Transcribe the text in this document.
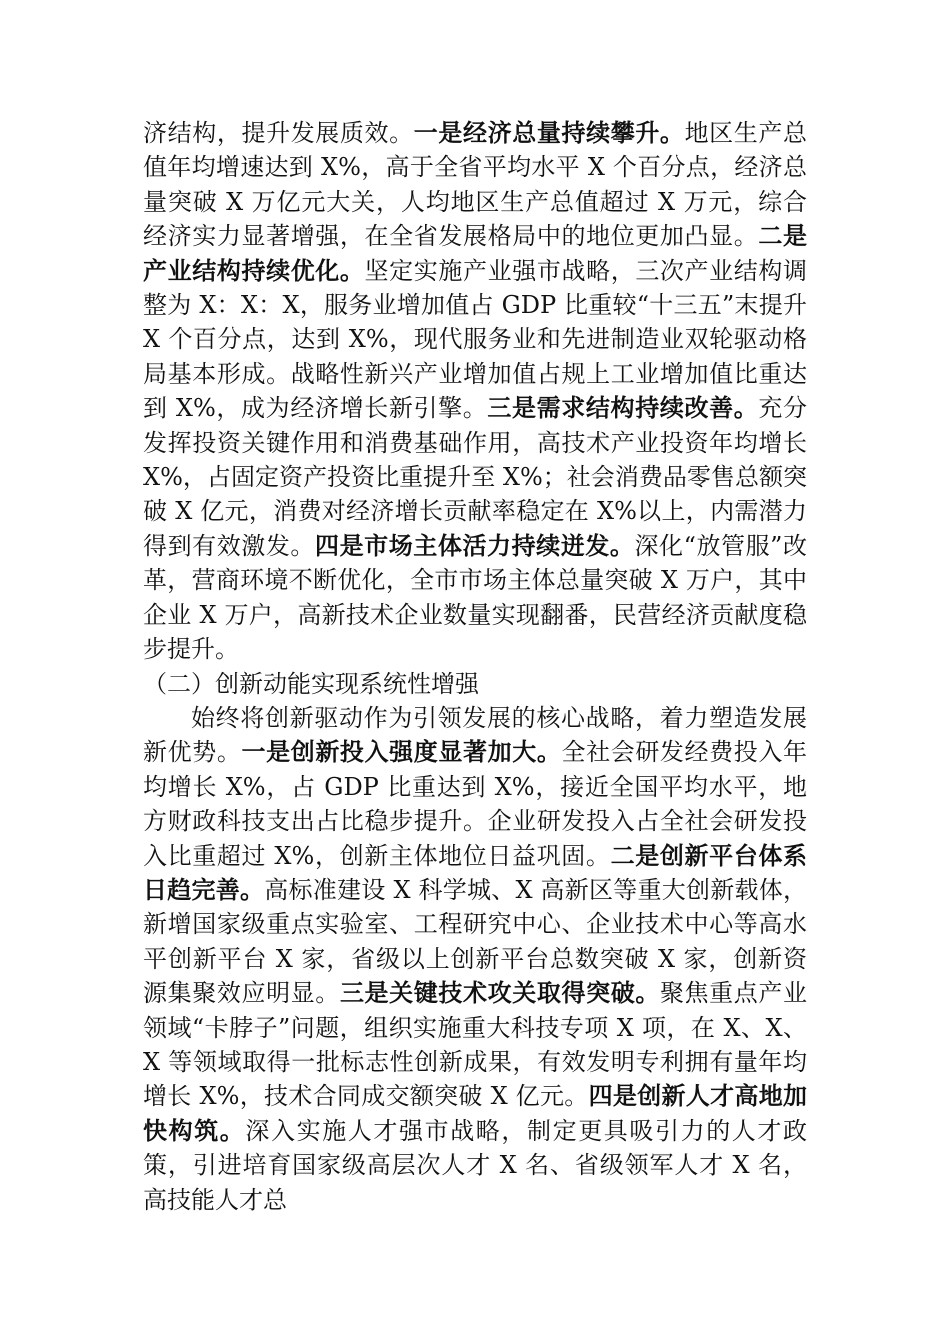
济结构，提升发展质效。一是经济总量持续攀升。地区生产总值年均增速达到 X%，高于全省平均水平 X 个百分点，经济总量突破 X 万亿元大关，人均地区生产总值超过 X 万元，综合经济实力显著增强，在全省发展格局中的地位更加凸显。二是产业结构持续优化。坚定实施产业强市战略，三次产业结构调整为 X：X：X，服务业增加值占 GDP 比重较“十三五”末提升 X 个百分点，达到 X%，现代服务业和先进制造业双轮驱动格局基本形成。战略性新兴产业增加值占规上工业增加值比重达到 X%，成为经济增长新引擎。三是需求结构持续改善。充分发挥投资关键作用和消费基础作用，高技术产业投资年均增长 X%，占固定资产投资比重提升至 X%；社会消费品零售总额突破 X 亿元，消费对经济增长贡献率稳定在 X%以上，内需潜力得到有效激发。四是市场主体活力持续迸发。深化“放管服”改革，营商环境不断优化，全市市场主体总量突破 X 万户，其中企业 X 万户，高新技术企业数量实现翻番，民营经济贡献度稳步提升。

（二）创新动能实现系统性增强

始终将创新驱动作为引领发展的核心战略，着力塑造发展新优势。一是创新投入强度显著加大。全社会研发经费投入年均增长 X%，占 GDP 比重达到 X%，接近全国平均水平，地方财政科技支出占比稳步提升。企业研发投入占全社会研发投入比重超过 X%，创新主体地位日益巩固。二是创新平台体系日趋完善。高标准建设 X 科学城、X 高新区等重大创新载体，新增国家级重点实验室、工程研究中心、企业技术中心等高水平创新平台 X 家，省级以上创新平台总数突破 X 家，创新资源集聚效应明显。三是关键技术攻关取得突破。聚焦重点产业领域“卡脖子”问题，组织实施重大科技专项 X 项，在 X、X、X 等领域取得一批标志性创新成果，有效发明专利拥有量年均增长 X%，技术合同成交额突破 X 亿元。四是创新人才高地加快构筑。深入实施人才强市战略，制定更具吸引力的人才政策，引进培育国家级高层次人才 X 名、省级领军人才 X 名，高技能人才总
